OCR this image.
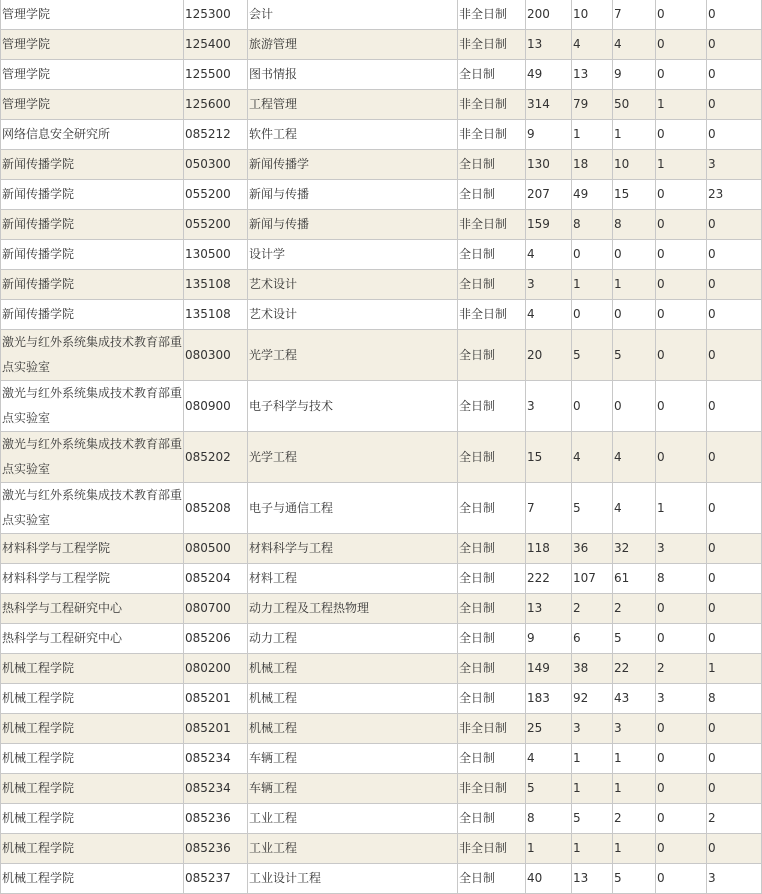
管理学院	125300	会计	非全日制	200	10	7	0	0
管理学院	125400	旅游管理	非全日制	13	4	4	0	0
管理学院	125500	图书情报	全日制	49	13	9	0	0
管理学院	125600	工程管理	非全日制	314	79	50	1	0
网络信息安全研究所	085212	软件工程	非全日制	9	1	1	0	0
新闻传播学院	050300	新闻传播学	全日制	130	18	10	1	3
新闻传播学院	055200	新闻与传播	全日制	207	49	15	0	23
新闻传播学院	055200	新闻与传播	非全日制	159	8	8	0	0
新闻传播学院	130500	设计学	全日制	4	0	0	0	0
新闻传播学院	135108	艺术设计	全日制	3	1	1	0	0
新闻传播学院	135108	艺术设计	非全日制	4	0	0	0	0
激光与红外系统集成技术教育部重点实验室	080300	光学工程	全日制	20	5	5	0	0
激光与红外系统集成技术教育部重点实验室	080900	电子科学与技术	全日制	3	0	0	0	0
激光与红外系统集成技术教育部重点实验室	085202	光学工程	全日制	15	4	4	0	0
激光与红外系统集成技术教育部重点实验室	085208	电子与通信工程	全日制	7	5	4	1	0
材料科学与工程学院	080500	材料科学与工程	全日制	118	36	32	3	0
材料科学与工程学院	085204	材料工程	全日制	222	107	61	8	0
热科学与工程研究中心	080700	动力工程及工程热物理	全日制	13	2	2	0	0
热科学与工程研究中心	085206	动力工程	全日制	9	6	5	0	0
机械工程学院	080200	机械工程	全日制	149	38	22	2	1
机械工程学院	085201	机械工程	全日制	183	92	43	3	8
机械工程学院	085201	机械工程	非全日制	25	3	3	0	0
机械工程学院	085234	车辆工程	全日制	4	1	1	0	0
机械工程学院	085234	车辆工程	非全日制	5	1	1	0	0
机械工程学院	085236	工业工程	全日制	8	5	2	0	2
机械工程学院	085236	工业工程	非全日制	1	1	1	0	0
机械工程学院	085237	工业设计工程	全日制	40	13	5	0	3
